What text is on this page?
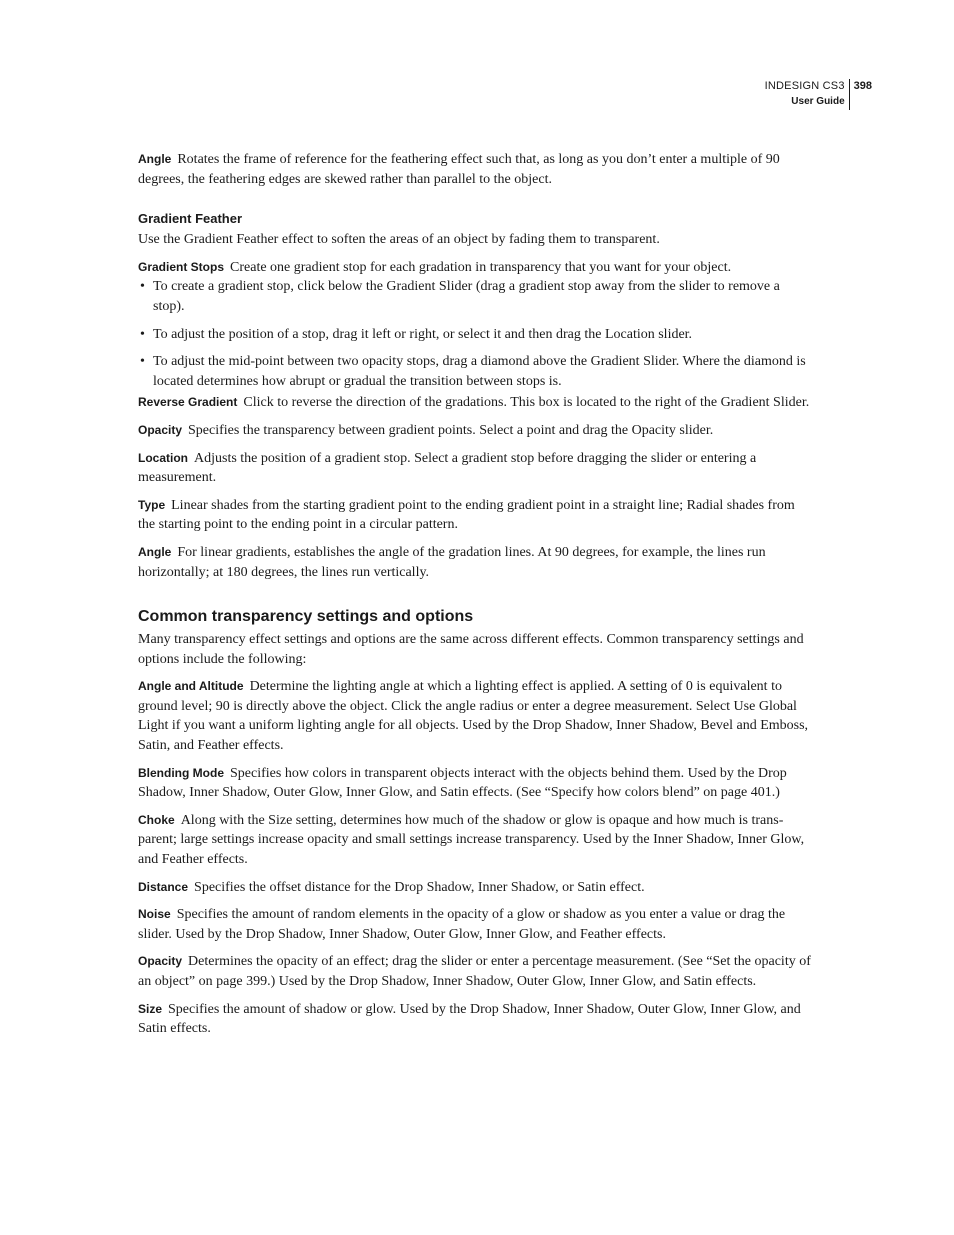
INDESIGN CS3
User Guide
398

Angle Rotates the frame of reference for the feathering effect such that, as long as you don’t enter a multiple of 90 degrees, the feathering edges are skewed rather than parallel to the object.

Gradient Feather

Use the Gradient Feather effect to soften the areas of an object by fading them to transparent.

Gradient Stops Create one gradient stop for each gradation in transparency that you want for your object.

• To create a gradient stop, click below the Gradient Slider (drag a gradient stop away from the slider to remove a stop).
• To adjust the position of a stop, drag it left or right, or select it and then drag the Location slider.
• To adjust the mid-point between two opacity stops, drag a diamond above the Gradient Slider. Where the diamond is located determines how abrupt or gradual the transition between stops is.

Reverse Gradient Click to reverse the direction of the gradations. This box is located to the right of the Gradient Slider.

Opacity Specifies the transparency between gradient points. Select a point and drag the Opacity slider.

Location Adjusts the position of a gradient stop. Select a gradient stop before dragging the slider or entering a measurement.

Type Linear shades from the starting gradient point to the ending gradient point in a straight line; Radial shades from the starting point to the ending point in a circular pattern.

Angle For linear gradients, establishes the angle of the gradation lines. At 90 degrees, for example, the lines run horizontally; at 180 degrees, the lines run vertically.

Common transparency settings and options

Many transparency effect settings and options are the same across different effects. Common transparency settings and options include the following:

Angle and Altitude Determine the lighting angle at which a lighting effect is applied. A setting of 0 is equivalent to ground level; 90 is directly above the object. Click the angle radius or enter a degree measurement. Select Use Global Light if you want a uniform lighting angle for all objects. Used by the Drop Shadow, Inner Shadow, Bevel and Emboss, Satin, and Feather effects.

Blending Mode Specifies how colors in transparent objects interact with the objects behind them. Used by the Drop Shadow, Inner Shadow, Outer Glow, Inner Glow, and Satin effects. (See “Specify how colors blend” on page 401.)

Choke Along with the Size setting, determines how much of the shadow or glow is opaque and how much is trans-parent; large settings increase opacity and small settings increase transparency. Used by the Inner Shadow, Inner Glow, and Feather effects.

Distance Specifies the offset distance for the Drop Shadow, Inner Shadow, or Satin effect.

Noise Specifies the amount of random elements in the opacity of a glow or shadow as you enter a value or drag the slider. Used by the Drop Shadow, Inner Shadow, Outer Glow, Inner Glow, and Feather effects.

Opacity Determines the opacity of an effect; drag the slider or enter a percentage measurement. (See “Set the opacity of an object” on page 399.) Used by the Drop Shadow, Inner Shadow, Outer Glow, Inner Glow, and Satin effects.

Size Specifies the amount of shadow or glow. Used by the Drop Shadow, Inner Shadow, Outer Glow, Inner Glow, and Satin effects.
